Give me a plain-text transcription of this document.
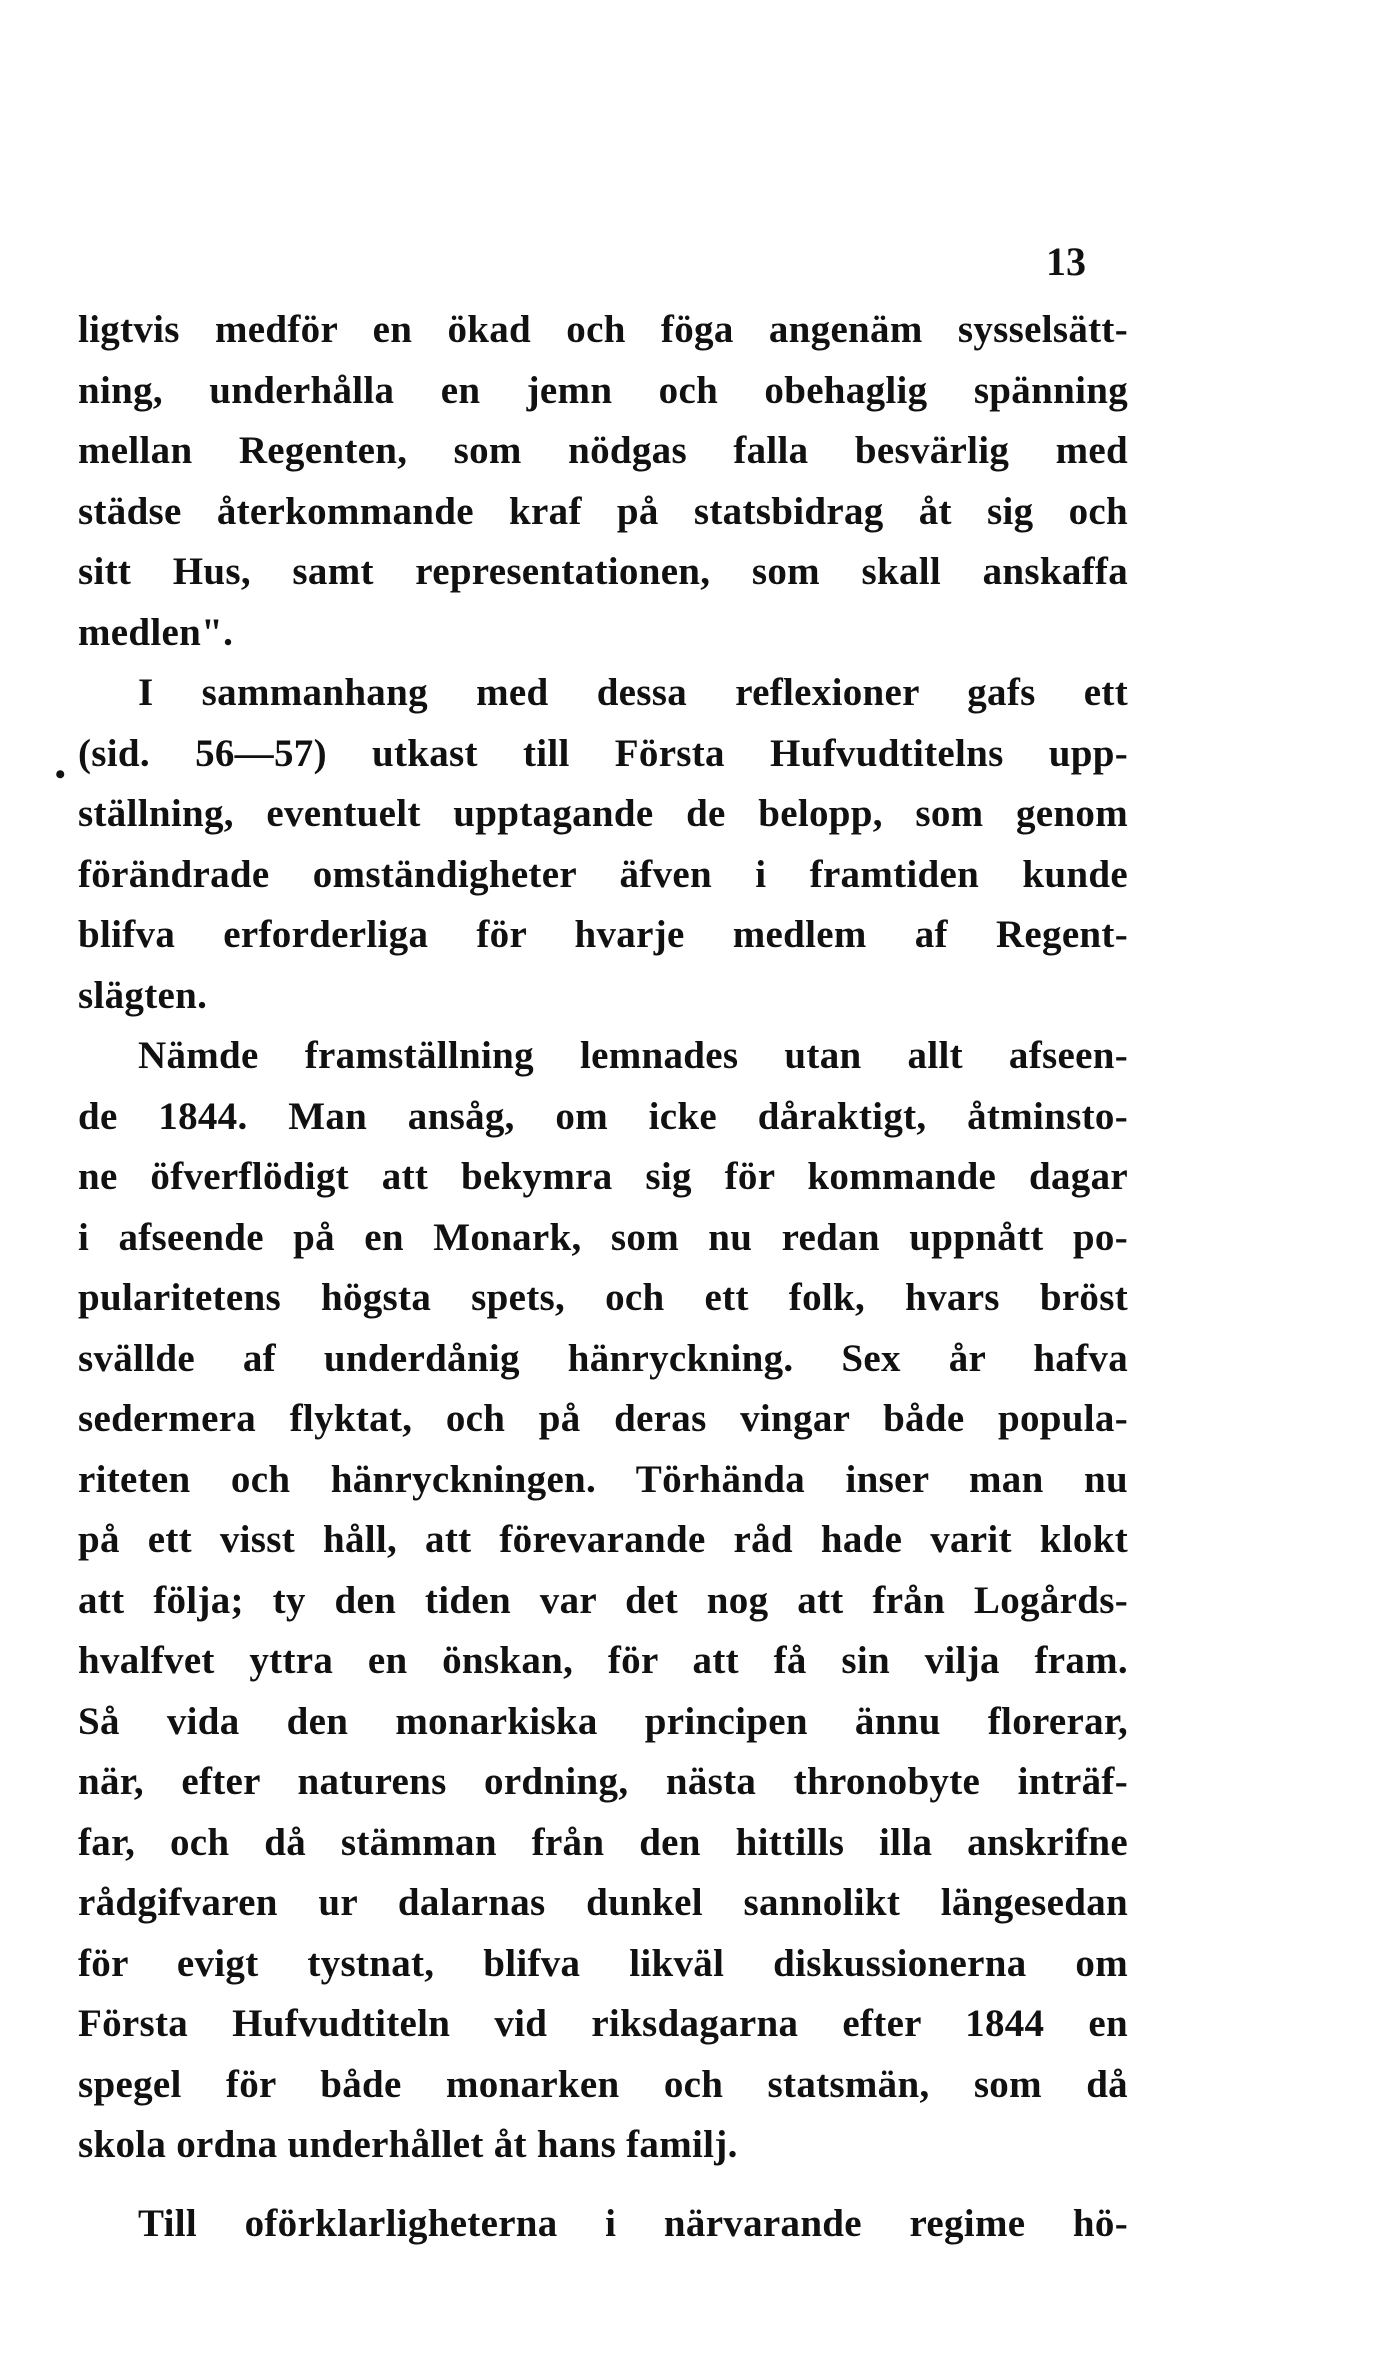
13
•
ligtvis medför en ökad och föga angenäm sysselsätt-
ning, underhålla en jemn och obehaglig spänning
mellan Regenten, som nödgas falla besvärlig med
städse återkommande kraf på statsbidrag åt sig och
sitt Hus, samt representationen, som skall anskaffa
medlen".
I sammanhang med dessa reflexioner gafs ett
(sid. 56—57) utkast till Första Hufvudtitelns upp-
ställning, eventuelt upptagande de belopp, som genom
förändrade omständigheter äfven i framtiden kunde
blifva erforderliga för hvarje medlem af Regent-
slägten.
Nämde framställning lemnades utan allt afseen-
de 1844. Man ansåg, om icke dåraktigt, åtminsto-
ne öfverflödigt att bekymra sig för kommande dagar
i afseende på en Monark, som nu redan uppnått po-
pularitetens högsta spets, och ett folk, hvars bröst
svällde af underdånig hänryckning. Sex år hafva
sedermera flyktat, och på deras vingar både popula-
riteten och hänryckningen. Törhända inser man nu
på ett visst håll, att förevarande råd hade varit klokt
att följa; ty den tiden var det nog att från Logårds-
hvalfvet yttra en önskan, för att få sin vilja fram.
Så vida den monarkiska principen ännu florerar,
när, efter naturens ordning, nästa thronobyte inträf-
far, och då stämman från den hittills illa anskrifne
rådgifvaren ur dalarnas dunkel sannolikt längesedan
för evigt tystnat, blifva likväl diskussionerna om
Första Hufvudtiteln vid riksdagarna efter 1844 en
spegel för både monarken och statsmän, som då
skola ordna underhållet åt hans familj.
Till oförklarligheterna i närvarande regime hö-
